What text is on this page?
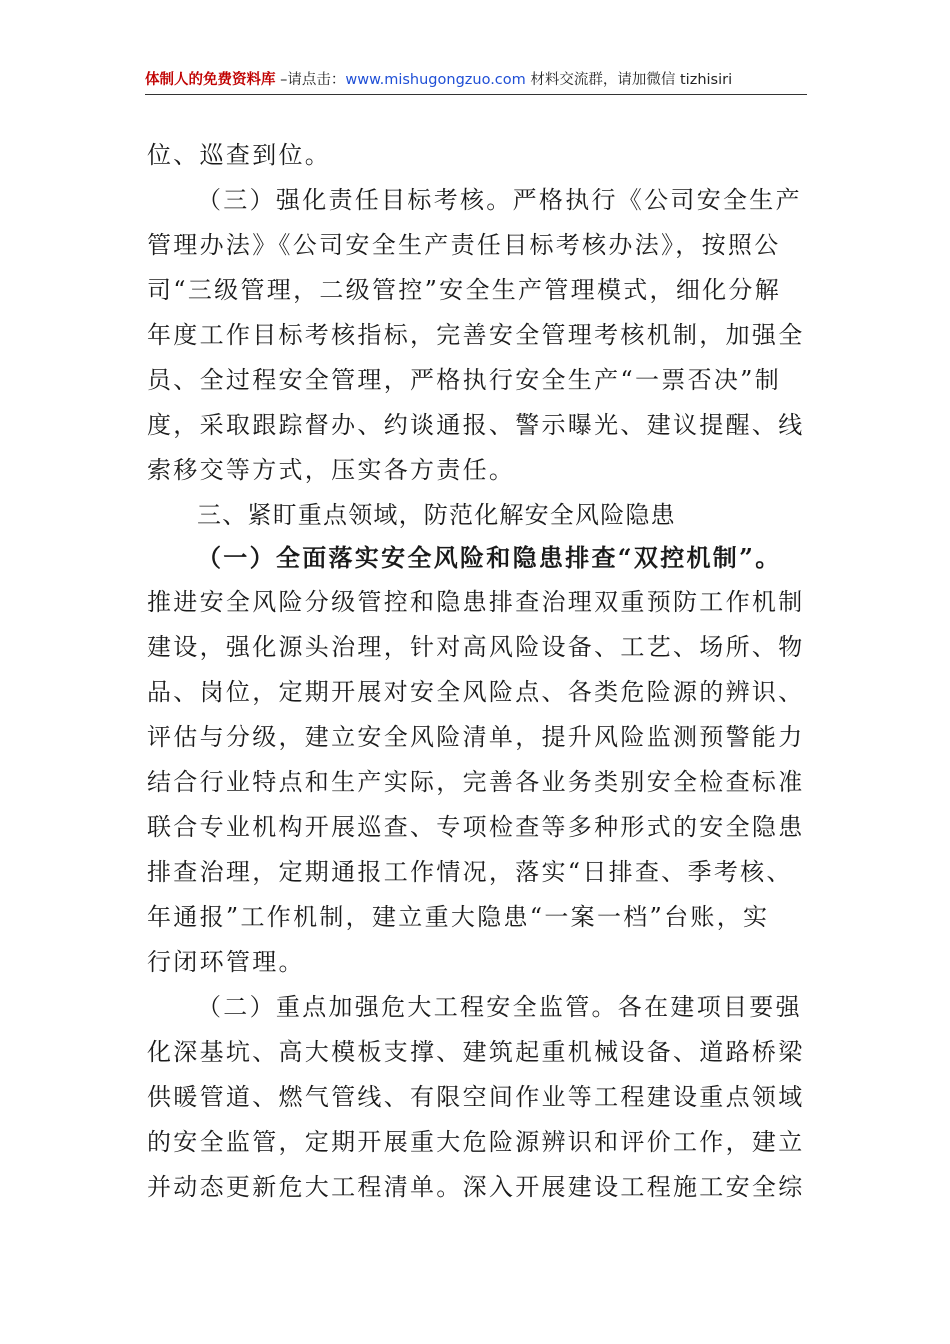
体制人的免费资料库 –请点击：www.mishugongzuo.com 材料交流群，请加微信 tizhisiri
位、巡查到位。
（三）强化责任目标考核。严格执行《公司安全生产
管理办法》《公司安全生产责任目标考核办法》，按照公
司“三级管理，二级管控”安全生产管理模式，细化分解
年度工作目标考核指标，完善安全管理考核机制，加强全
员、全过程安全管理，严格执行安全生产“一票否决”制
度，采取跟踪督办、约谈通报、警示曝光、建议提醒、线
索移交等方式，压实各方责任。
三、紧盯重点领域，防范化解安全风险隐患
（一）全面落实安全风险和隐患排查“双控机制”。
推进安全风险分级管控和隐患排查治理双重预防工作机制
建设，强化源头治理，针对高风险设备、工艺、场所、物
品、岗位，定期开展对安全风险点、各类危险源的辨识、
评估与分级，建立安全风险清单，提升风险监测预警能力
结合行业特点和生产实际，完善各业务类别安全检查标准
联合专业机构开展巡查、专项检查等多种形式的安全隐患
排查治理，定期通报工作情况，落实“日排查、季考核、
年通报”工作机制，建立重大隐患“一案一档”台账，实
行闭环管理。
（二）重点加强危大工程安全监管。各在建项目要强
化深基坑、高大模板支撑、建筑起重机械设备、道路桥梁
供暖管道、燃气管线、有限空间作业等工程建设重点领域
的安全监管，定期开展重大危险源辨识和评价工作，建立
并动态更新危大工程清单。深入开展建设工程施工安全综
